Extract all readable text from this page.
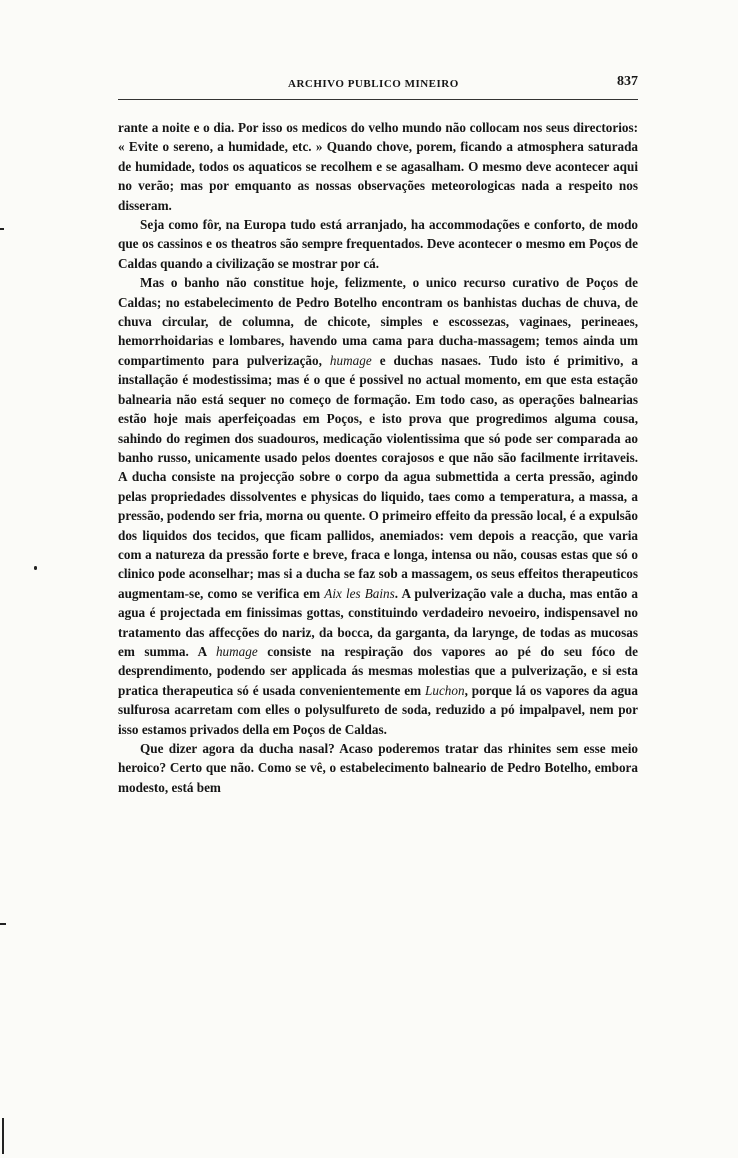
ARCHIVO PUBLICO MINEIRO	837

rante a noite e o dia. Por isso os medicos do velho mundo não collocam nos seus directorios: « Evite o sereno, a humidade, etc. » Quando chove, porem, ficando a atmosphera saturada de humidade, todos os aquaticos se recolhem e se agasalham. O mesmo deve acontecer aqui no verão; mas por emquanto as nossas observações meteorologicas nada a respeito nos disseram.

Seja como fôr, na Europa tudo está arranjado, ha accommodações e conforto, de modo que os cassinos e os theatros são sempre frequentados. Deve acontecer o mesmo em Poços de Caldas quando a civilização se mostrar por cá.

Mas o banho não constitue hoje, felizmente, o unico recurso curativo de Poços de Caldas; no estabelecimento de Pedro Botelho encontram os banhistas duchas de chuva, de chuva circular, de columna, de chicote, simples e escossezas, vaginaes, perineaes, hemorrhoidarias e lombares, havendo uma cama para ducha-massagem; temos ainda um compartimento para pulverização, humage e duchas nasaes. Tudo isto é primitivo, a installação é modestissima; mas é o que é possivel no actual momento, em que esta estação balnearia não está sequer no começo de formação. Em todo caso, as operações balnearias estão hoje mais aperfeiçoadas em Poços, e isto prova que progredimos alguma cousa, sahindo do regimen dos suadouros, medicação violentissima que só pode ser comparada ao banho russo, unicamente usado pelos doentes corajosos e que não são facilmente irritaveis. A ducha consiste na projecção sobre o corpo da agua submettida a certa pressão, agindo pelas propriedades dissolventes e physicas do liquido, taes como a temperatura, a massa, a pressão, podendo ser fria, morna ou quente. O primeiro effeito da pressão local, é a expulsão dos liquidos dos tecidos, que ficam pallidos, anemiados: vem depois a reacção, que varia com a natureza da pressão forte e breve, fraca e longa, intensa ou não, cousas estas que só o clinico pode aconselhar; mas si a ducha se faz sob a massagem, os seus effeitos therapeuticos augmentam-se, como se verifica em Aix les Bains. A pulverização vale a ducha, mas então a agua é projectada em finissimas gottas, constituindo verdadeiro nevoeiro, indispensavel no tratamento das affecções do nariz, da bocca, da garganta, da larynge, de todas as mucosas em summa. A humage consiste na respiração dos vapores ao pé do seu fóco de desprendimento, podendo ser applicada ás mesmas molestias que a pulverização, e si esta pratica therapeutica só é usada convenientemente em Luchon, porque lá os vapores da agua sulfurosa acarretam com elles o polysulfureto de soda, reduzido a pó impalpavel, nem por isso estamos privados della em Poços de Caldas.

Que dizer agora da ducha nasal? Acaso poderemos tratar das rhinites sem esse meio heroico? Certo que não. Como se vê, o estabelecimento balneario de Pedro Botelho, embora modesto, está bem
